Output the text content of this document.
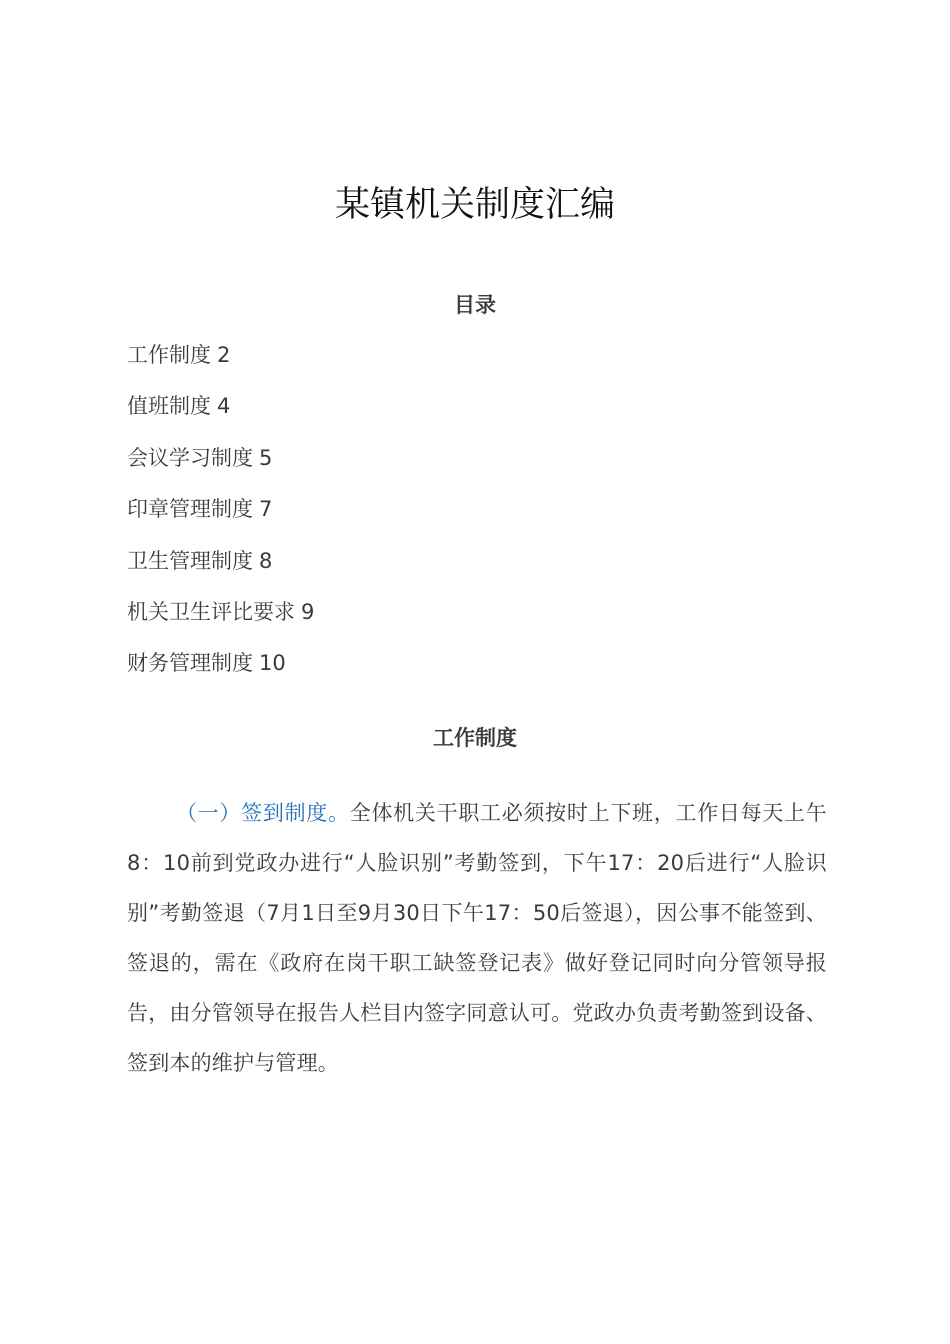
某镇机关制度汇编
目录
工作制度 2
值班制度 4
会议学习制度 5
印章管理制度 7
卫生管理制度 8
机关卫生评比要求 9
财务管理制度 10
工作制度

（一）签到制度。全体机关干职工必须按时上下班，工作日每天上午8：10前到党政办进行“人脸识别”考勤签到，下午17：20后进行“人脸识别”考勤签退（7月1日至9月30日下午17：50后签退），因公事不能签到、签退的，需在《政府在岗干职工缺签登记表》做好登记同时向分管领导报告，由分管领导在报告人栏目内签字同意认可。党政办负责考勤签到设备、签到本的维护与管理。
